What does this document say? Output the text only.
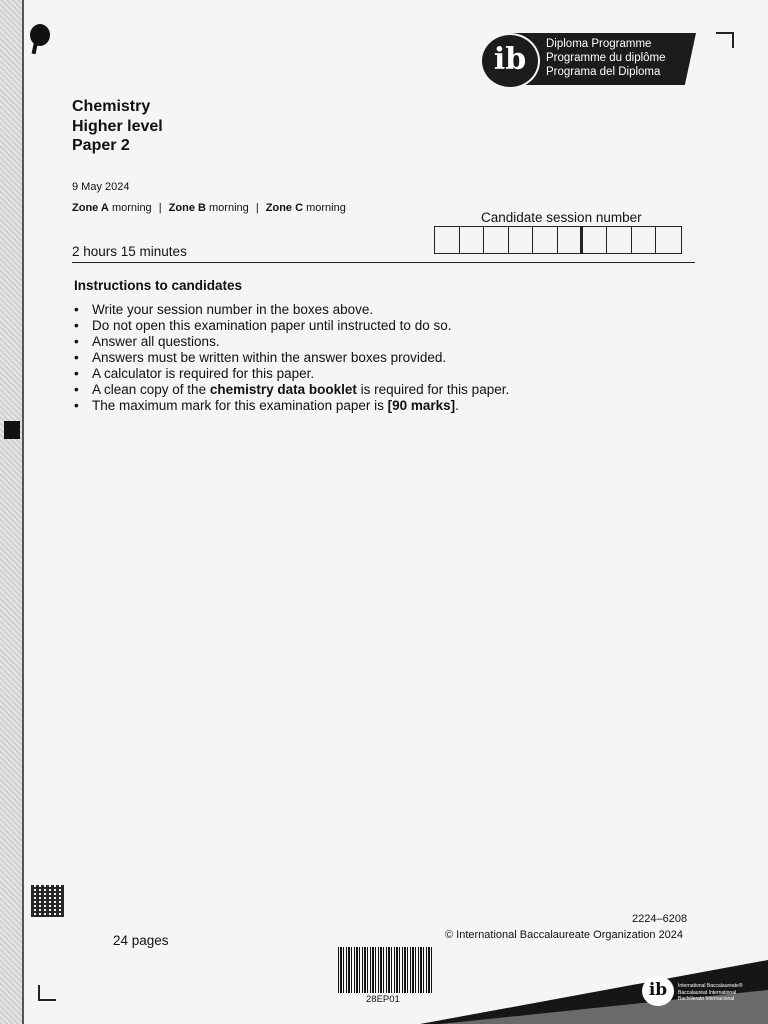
ib	Diploma Programme
Programme du diplôme
Programa del Diploma
Chemistry
Higher level
Paper 2
9 May 2024
Zone A morning | Zone B morning | Zone C morning
2 hours 15 minutes
Candidate session number
Instructions to candidates
• Write your session number in the boxes above.
• Do not open this examination paper until instructed to do so.
• Answer all questions.
• Answers must be written within the answer boxes provided.
• A calculator is required for this paper.
• A clean copy of the chemistry data booklet is required for this paper.
• The maximum mark for this examination paper is [90 marks].
24 pages
2224–6208
© International Baccalaureate Organization 2024
28EP01	ib	International Baccalaureate®
Baccalauréat International
Bachillerato Internacional
